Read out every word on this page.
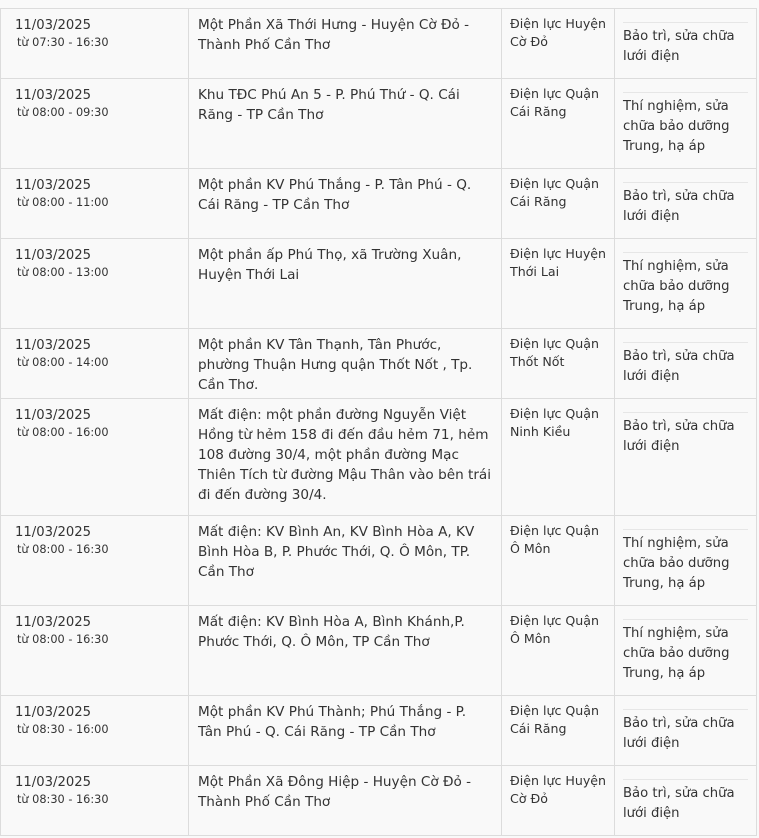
11/03/2025
từ 07:30 - 16:30	Một Phần Xã Thới Hưng - Huyện Cờ Đỏ - Thành Phố Cần Thơ	Điện lực Huyện Cờ Đỏ	Bảo trì, sửa chữa lưới điện

11/03/2025
từ 08:00 - 09:30	Khu TĐC Phú An 5 - P. Phú Thứ - Q. Cái Răng - TP Cần Thơ	Điện lực Quận Cái Răng	Thí nghiệm, sửa chữa bảo dưỡng Trung, hạ áp

11/03/2025
từ 08:00 - 11:00	Một phần KV Phú Thắng - P. Tân Phú - Q. Cái Răng - TP Cần Thơ	Điện lực Quận Cái Răng	Bảo trì, sửa chữa lưới điện

11/03/2025
từ 08:00 - 13:00	Một phần ấp Phú Thọ, xã Trường Xuân, Huyện Thới Lai	Điện lực Huyện Thới Lai	Thí nghiệm, sửa chữa bảo dưỡng Trung, hạ áp

11/03/2025
từ 08:00 - 14:00	Một phần KV Tân Thạnh, Tân Phước, phường Thuận Hưng quận Thốt Nốt , Tp. Cần Thơ.	Điện lực Quận Thốt Nốt	Bảo trì, sửa chữa lưới điện

11/03/2025
từ 08:00 - 16:00	Mất điện: một phần đường Nguyễn Việt Hồng từ hẻm 158 đi đến đầu hẻm 71, hẻm 108 đường 30/4, một phần đường Mạc Thiên Tích từ đường Mậu Thân vào bên trái đi đến đường 30/4.	Điện lực Quận Ninh Kiều	Bảo trì, sửa chữa lưới điện

11/03/2025
từ 08:00 - 16:30	Mất điện: KV Bình An, KV Bình Hòa A, KV Bình Hòa B, P. Phước Thới, Q. Ô Môn, TP. Cần Thơ	Điện lực Quận Ô Môn	Thí nghiệm, sửa chữa bảo dưỡng Trung, hạ áp

11/03/2025
từ 08:00 - 16:30	Mất điện: KV Bình Hòa A, Bình Khánh,P. Phước Thới, Q. Ô Môn, TP Cần Thơ	Điện lực Quận Ô Môn	Thí nghiệm, sửa chữa bảo dưỡng Trung, hạ áp

11/03/2025
từ 08:30 - 16:00	Một phần KV Phú Thành; Phú Thắng - P. Tân Phú - Q. Cái Răng - TP Cần Thơ	Điện lực Quận Cái Răng	Bảo trì, sửa chữa lưới điện

11/03/2025
từ 08:30 - 16:30	Một Phần Xã Đông Hiệp - Huyện Cờ Đỏ - Thành Phố Cần Thơ	Điện lực Huyện Cờ Đỏ	Bảo trì, sửa chữa lưới điện
